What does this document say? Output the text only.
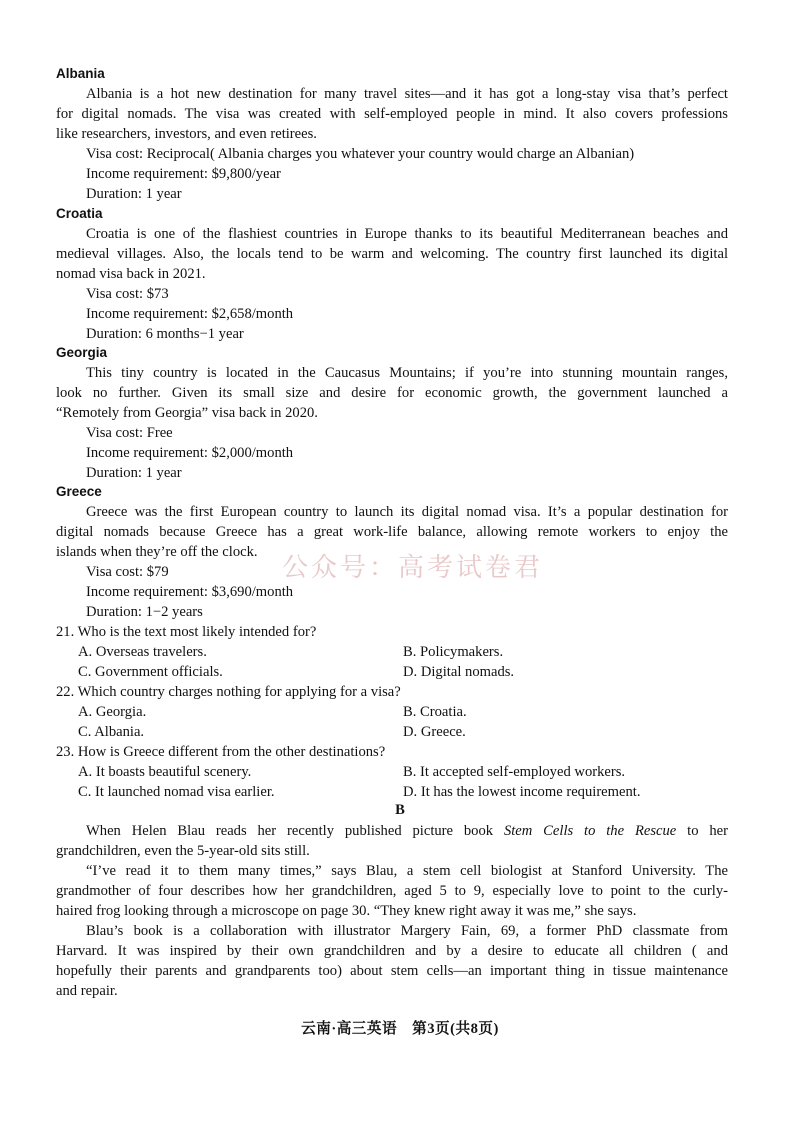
Albania
Albania is a hot new destination for many travel sites—and it has got a long-stay visa that’s perfect
for digital nomads. The visa was created with self-employed people in mind. It also covers professions
like researchers, investors, and even retirees.
Visa cost: Reciprocal( Albania charges you whatever your country would charge an Albanian)
Income requirement: $9,800/year
Duration: 1 year
Croatia
Croatia is one of the flashiest countries in Europe thanks to its beautiful Mediterranean beaches and
medieval villages. Also, the locals tend to be warm and welcoming. The country first launched its digital
nomad visa back in 2021.
Visa cost: $73
Income requirement: $2,658/month
Duration: 6 months−1 year
Georgia
This tiny country is located in the Caucasus Mountains; if you’re into stunning mountain ranges,
look no further. Given its small size and desire for economic growth, the government launched a
“Remotely from Georgia” visa back in 2020.
Visa cost: Free
Income requirement: $2,000/month
Duration: 1 year
Greece
Greece was the first European country to launch its digital nomad visa. It’s a popular destination for
digital nomads because Greece has a great work-life balance, allowing remote workers to enjoy the
islands when they’re off the clock.
Visa cost: $79
Income requirement: $3,690/month
Duration: 1−2 years
公众号：高考试卷君
21. Who is the text most likely intended for?
A. Overseas travelers.	B. Policymakers.
C. Government officials.	D. Digital nomads.
22. Which country charges nothing for applying for a visa?
A. Georgia.	B. Croatia.
C. Albania.	D. Greece.
23. How is Greece different from the other destinations?
A. It boasts beautiful scenery.	B. It accepted self-employed workers.
C. It launched nomad visa earlier.	D. It has the lowest income requirement.
B
When Helen Blau reads her recently published picture book Stem Cells to the Rescue to her
grandchildren, even the 5-year-old sits still.
“I’ve read it to them many times,” says Blau, a stem cell biologist at Stanford University. The
grandmother of four describes how her grandchildren, aged 5 to 9, especially love to point to the curly-
haired frog looking through a microscope on page 30. “They knew right away it was me,” she says.
Blau’s book is a collaboration with illustrator Margery Fain, 69, a former PhD classmate from
Harvard. It was inspired by their own grandchildren and by a desire to educate all children ( and
hopefully their parents and grandparents too) about stem cells—an important thing in tissue maintenance
and repair.
云南·高三英语　第3页(共8页)
